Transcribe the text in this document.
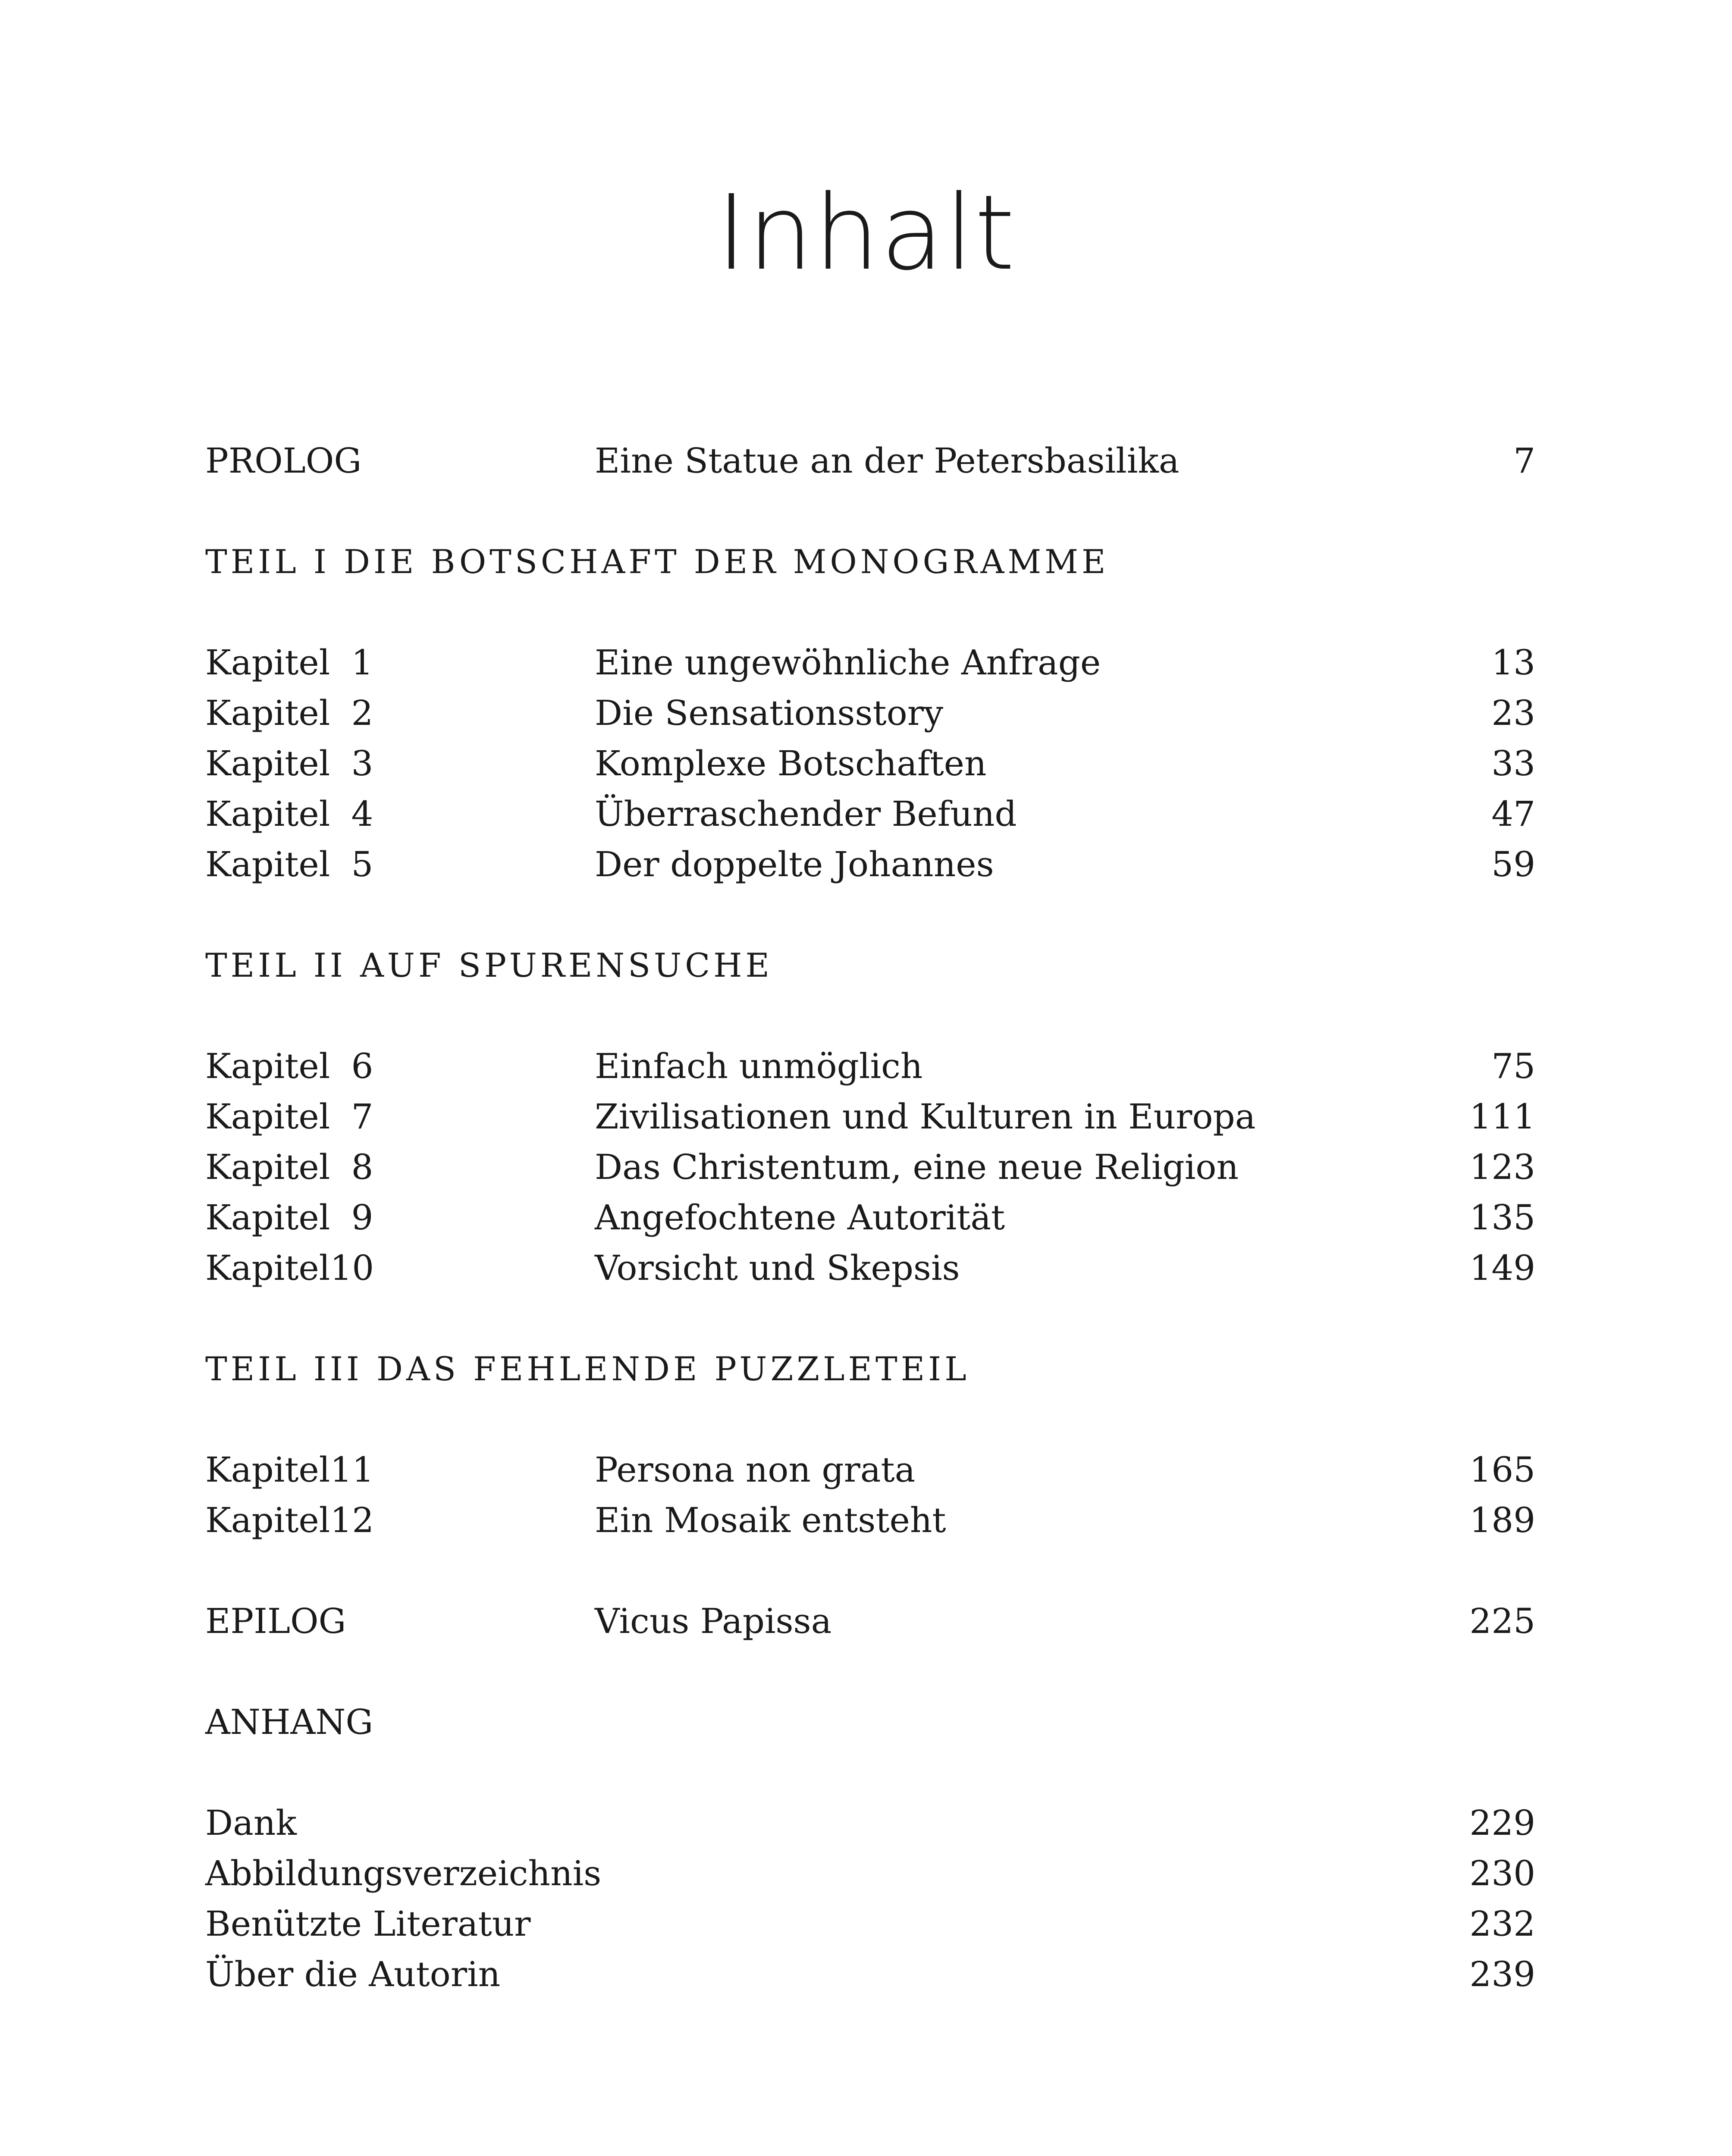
Inhalt
PROLOG	Eine Statue an der Petersbasilika	7
TEIL I DIE BOTSCHAFT DER MONOGRAMME
Kapitel 1	Eine ungewöhnliche Anfrage	13
Kapitel 2	Die Sensationsstory	23
Kapitel 3	Komplexe Botschaften	33
Kapitel 4	Überraschender Befund	47
Kapitel 5	Der doppelte Johannes	59
TEIL II AUF SPURENSUCHE
Kapitel 6	Einfach unmöglich	75
Kapitel 7	Zivilisationen und Kulturen in Europa	111
Kapitel 8	Das Christentum, eine neue Religion	123
Kapitel 9	Angefochtene Autorität	135
Kapitel10	Vorsicht und Skepsis	149
TEIL III DAS FEHLENDE PUZZLETEIL
Kapitel11	Persona non grata	165
Kapitel12	Ein Mosaik entsteht	189
EPILOG	Vicus Papissa	225
ANHANG
Dank	229
Abbildungsverzeichnis	230
Benützte Literatur	232
Über die Autorin	239
